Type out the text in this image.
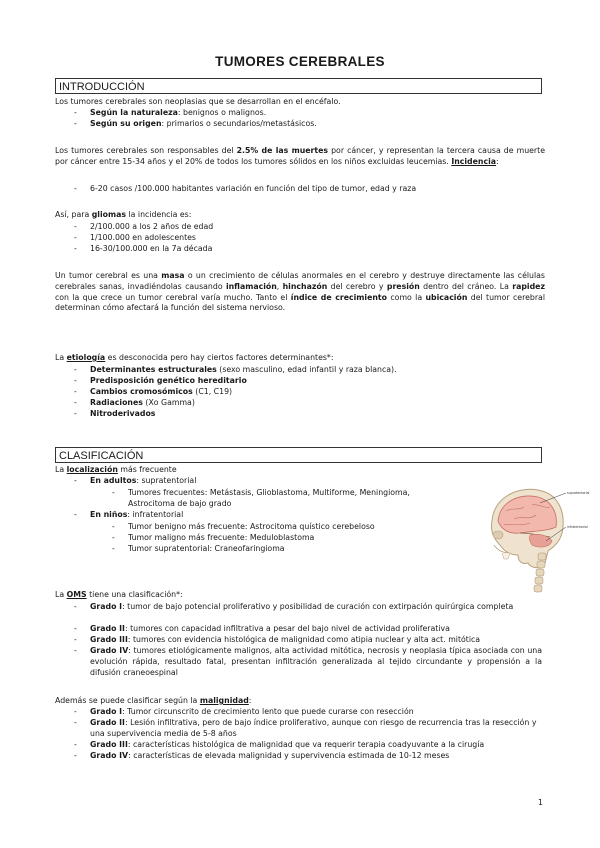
TUMORES CEREBRALES
INTRODUCCIÓN
Los tumores cerebrales son neoplasias que se desarrollan en el encéfalo.
- Según la naturaleza: benignos o malignos.
- Según su origen: primarios o secundarios/metastásicos.
Los tumores cerebrales son responsables del 2.5% de las muertes por cáncer, y representan la tercera causa de muerte por cáncer entre 15-34 años y el 20% de todos los tumores sólidos en los niños excluidas leucemias. Incidencia:
- 6-20 casos /100.000 habitantes variación en función del tipo de tumor, edad y raza
Así, para gliomas la incidencia es:
- 2/100.000 a los 2 años de edad
- 1/100.000 en adolescentes
- 16-30/100.000 en la 7a década
Un tumor cerebral es una masa o un crecimiento de células anormales en el cerebro y destruye directamente las células cerebrales sanas, invadiéndolas causando inflamación, hinchazón del cerebro y presión dentro del cráneo. La rapidez con la que crece un tumor cerebral varía mucho. Tanto el índice de crecimiento como la ubicación del tumor cerebral determinan cómo afectará la función del sistema nervioso.
La etiología es desconocida pero hay ciertos factores determinantes*:
- Determinantes estructurales (sexo masculino, edad infantil y raza blanca).
- Predisposición genético hereditario
- Cambios cromosómicos (C1, C19)
- Radiaciones (Xo Gamma)
- Nitroderivados
CLASIFICACIÓN
La localización más frecuente
- En adultos: supratentorial
- Tumores frecuentes: Metástasis, Glioblastoma, Multiforme, Meningioma,
Astrocitoma de bajo grado
- En niños: infratentorial
- Tumor benigno más frecuente: Astrocitoma quístico cerebeloso
- Tumor maligno más frecuente: Meduloblastoma
- Tumor supratentorial: Craneofaringioma
supratentorial
infratentorial
La OMS tiene una clasificación*:
- Grado I: tumor de bajo potencial proliferativo y posibilidad de curación con extirpación quirúrgica completa
- Grado II: tumores con capacidad infiltrativa a pesar del bajo nivel de actividad proliferativa
- Grado III: tumores con evidencia histológica de malignidad como atipia nuclear y alta act. mitótica
- Grado IV: tumores etiológicamente malignos, alta actividad mitótica, necrosis y neoplasia típica asociada con una evolución rápida, resultado fatal, presentan infiltración generalizada al tejido circundante y propensión a la difusión craneoespinal
Además se puede clasificar según la malignidad:
- Grado I: Tumor circunscrito de crecimiento lento que puede curarse con resección
- Grado II: Lesión infiltrativa, pero de bajo índice proliferativo, aunque con riesgo de recurrencia tras la resección y una supervivencia media de 5-8 años
- Grado III: características histológica de malignidad que va requerir terapia coadyuvante a la cirugía
- Grado IV: características de elevada malignidad y supervivencia estimada de 10-12 meses
1
